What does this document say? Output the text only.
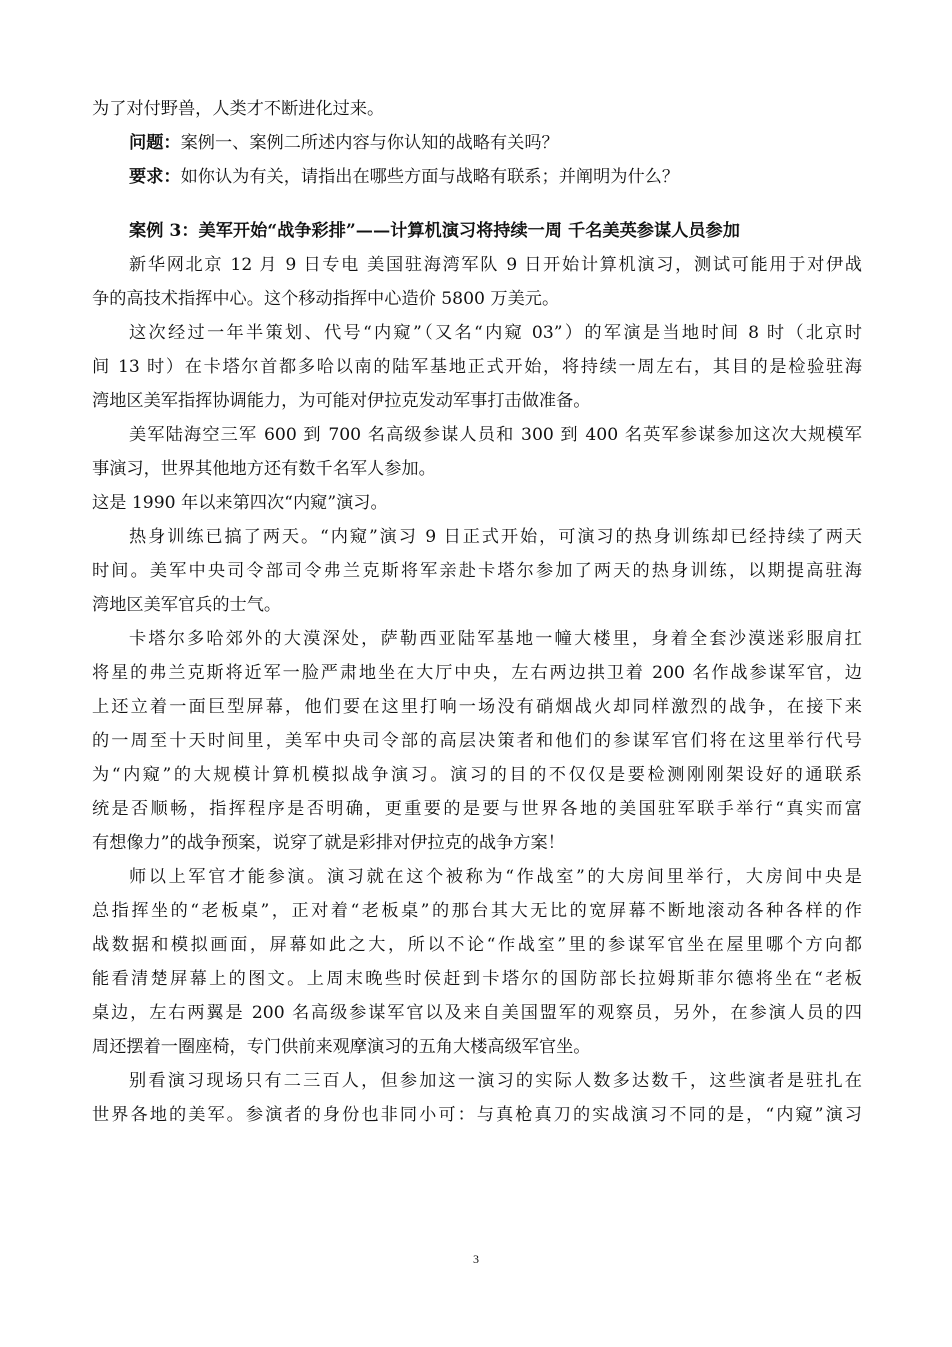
为了对付野兽，人类才不断进化过来。
问题：案例一、案例二所述内容与你认知的战略有关吗？
要求：如你认为有关，请指出在哪些方面与战略有联系；并阐明为什么？
案例 3：美军开始“战争彩排”——计算机演习将持续一周 千名美英参谋人员参加
新华网北京 12 月 9 日专电 美国驻海湾军队 9 日开始计算机演习，测试可能用于对伊战
争的高技术指挥中心。这个移动指挥中心造价 5800 万美元。
这次经过一年半策划、代号“内窥”（又名“内窥 03”）的军演是当地时间 8 时（北京时
间 13 时）在卡塔尔首都多哈以南的陆军基地正式开始，将持续一周左右，其目的是检验驻海
湾地区美军指挥协调能力，为可能对伊拉克发动军事打击做准备。
美军陆海空三军 600 到 700 名高级参谋人员和 300 到 400 名英军参谋参加这次大规模军
事演习，世界其他地方还有数千名军人参加。
这是 1990 年以来第四次“内窥”演习。
热身训练已搞了两天。“内窥”演习 9 日正式开始，可演习的热身训练却已经持续了两天
时间。美军中央司令部司令弗兰克斯将军亲赴卡塔尔参加了两天的热身训练，以期提高驻海
湾地区美军官兵的士气。
卡塔尔多哈郊外的大漠深处，萨勒西亚陆军基地一幢大楼里，身着全套沙漠迷彩服肩扛
将星的弗兰克斯将近军一脸严肃地坐在大厅中央，左右两边拱卫着 200 名作战参谋军官，边
上还立着一面巨型屏幕，他们要在这里打响一场没有硝烟战火却同样激烈的战争，在接下来
的一周至十天时间里，美军中央司令部的高层决策者和他们的参谋军官们将在这里举行代号
为“内窥”的大规模计算机模拟战争演习。演习的目的不仅仅是要检测刚刚架设好的通联系
统是否顺畅，指挥程序是否明确，更重要的是要与世界各地的美国驻军联手举行“真实而富
有想像力”的战争预案，说穿了就是彩排对伊拉克的战争方案！
师以上军官才能参演。演习就在这个被称为“作战室”的大房间里举行，大房间中央是
总指挥坐的“老板桌”，正对着“老板桌”的那台其大无比的宽屏幕不断地滚动各种各样的作
战数据和模拟画面，屏幕如此之大，所以不论“作战室”里的参谋军官坐在屋里哪个方向都
能看清楚屏幕上的图文。上周末晚些时侯赶到卡塔尔的国防部长拉姆斯菲尔德将坐在“老板
桌边，左右两翼是 200 名高级参谋军官以及来自美国盟军的观察员，另外，在参演人员的四
周还摆着一圈座椅，专门供前来观摩演习的五角大楼高级军官坐。
别看演习现场只有二三百人，但参加这一演习的实际人数多达数千，这些演者是驻扎在
世界各地的美军。参演者的身份也非同小可：与真枪真刀的实战演习不同的是，“内窥”演习
3
